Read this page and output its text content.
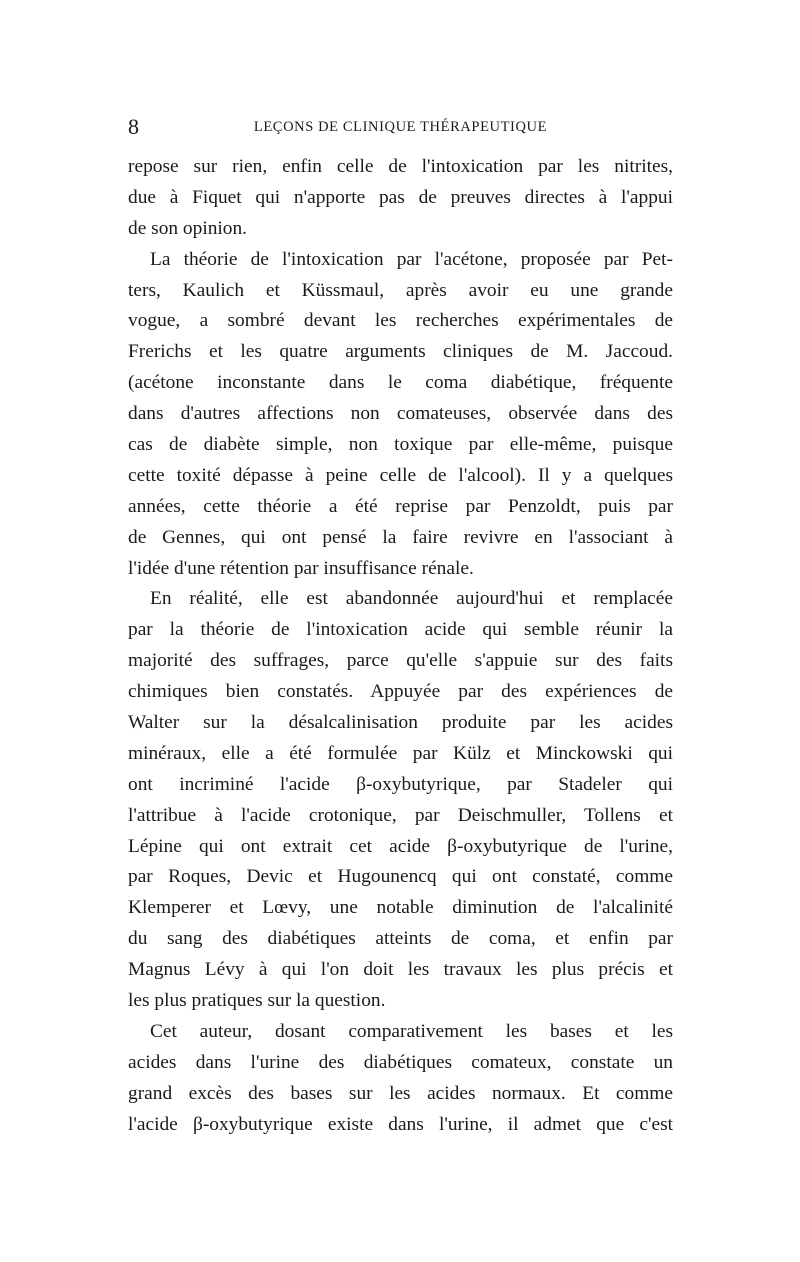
8	LEÇONS DE CLINIQUE THÉRAPEUTIQUE
repose sur rien, enfin celle de l'intoxication par les nitrites,
due à Fiquet qui n'apporte pas de preuves directes à l'appui
de son opinion.
La théorie de l'intoxication par l'acétone, proposée par Pet-
ters, Kaulich et Küssmaul, après avoir eu une grande
vogue, a sombré devant les recherches expérimentales de
Frerichs et les quatre arguments cliniques de M. Jaccoud.
(acétone inconstante dans le coma diabétique, fréquente
dans d'autres affections non comateuses, observée dans des
cas de diabète simple, non toxique par elle-même, puisque
cette toxité dépasse à peine celle de l'alcool). Il y a quelques
années, cette théorie a été reprise par Penzoldt, puis par
de Gennes, qui ont pensé la faire revivre en l'associant à
l'idée d'une rétention par insuffisance rénale.
En réalité, elle est abandonnée aujourd'hui et remplacée
par la théorie de l'intoxication acide qui semble réunir la
majorité des suffrages, parce qu'elle s'appuie sur des faits
chimiques bien constatés. Appuyée par des expériences de
Walter sur la désalcalinisation produite par les acides
minéraux, elle a été formulée par Külz et Minckowski qui
ont incriminé l'acide β-oxybutyrique, par Stadeler qui
l'attribue à l'acide crotonique, par Deischmuller, Tollens et
Lépine qui ont extrait cet acide β-oxybutyrique de l'urine,
par Roques, Devic et Hugounencq qui ont constaté, comme
Klemperer et Lœvy, une notable diminution de l'alcalinité
du sang des diabétiques atteints de coma, et enfin par
Magnus Lévy à qui l'on doit les travaux les plus précis et
les plus pratiques sur la question.
Cet auteur, dosant comparativement les bases et les
acides dans l'urine des diabétiques comateux, constate un
grand excès des bases sur les acides normaux. Et comme
l'acide β-oxybutyrique existe dans l'urine, il admet que c'est
